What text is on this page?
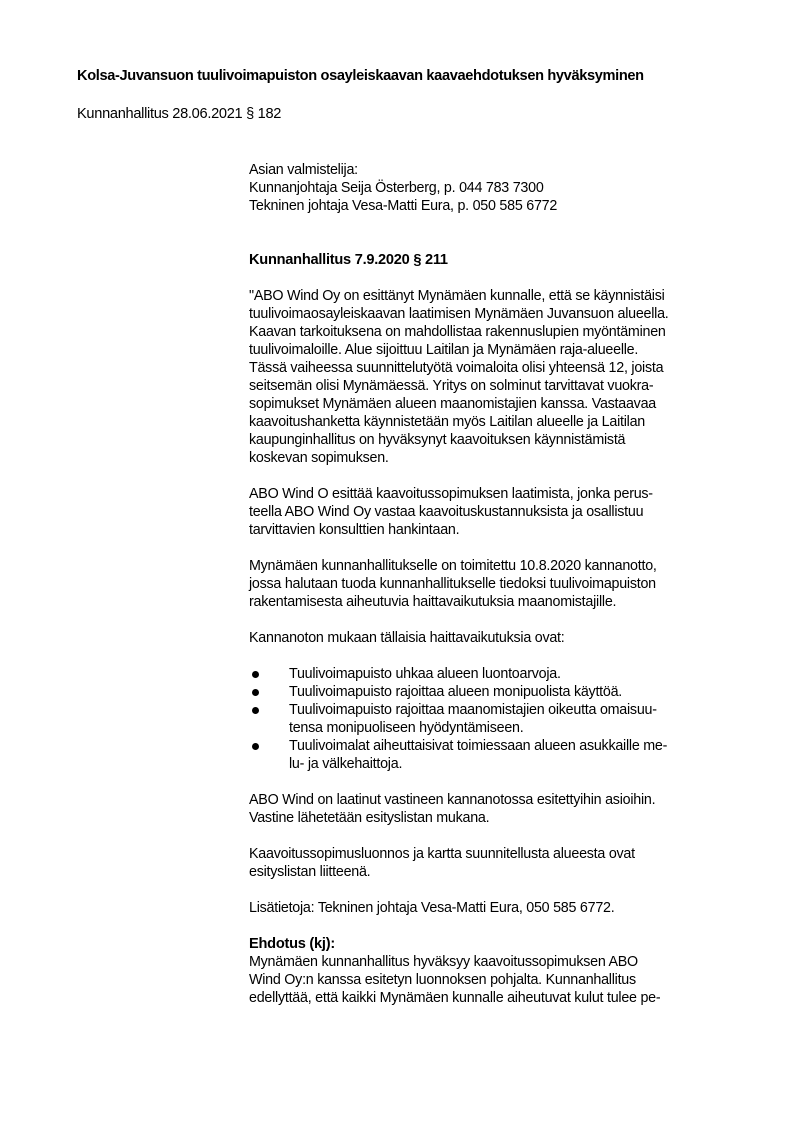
Kolsa-Juvansuon tuulivoimapuiston osayleiskaavan kaavaehdotuksen hyväksyminen
Kunnanhallitus 28.06.2021 § 182
Asian valmistelija:
Kunnanjohtaja Seija Österberg, p. 044 783 7300
Tekninen johtaja Vesa-Matti Eura, p. 050 585 6772
Kunnanhallitus 7.9.2020 § 211
"ABO Wind Oy on esittänyt Mynämäen kunnalle, että se käynnistäisi
tuulivoimaosayleiskaavan laatimisen Mynämäen Juvansuon alueella.
Kaavan tarkoituksena on mahdollistaa rakennuslupien myöntäminen
tuulivoimaloille. Alue sijoittuu Laitilan ja Mynämäen raja-alueelle.
Tässä vaiheessa suunnittelutyötä voimaloita olisi yhteensä 12, joista
seitsemän olisi Mynämäessä. Yritys on solminut tarvittavat vuokra-
sopimukset Mynämäen alueen maanomistajien kanssa. Vastaavaa
kaavoitushanketta käynnistetään myös Laitilan alueelle ja Laitilan
kaupunginhallitus on hyväksynyt kaavoituksen käynnistämistä
koskevan sopimuksen.
ABO Wind O esittää kaavoitussopimuksen laatimista, jonka perus-
teella ABO Wind Oy vastaa kaavoituskustannuksista ja osallistuu
tarvittavien konsulttien hankintaan.
Mynämäen kunnanhallitukselle on toimitettu 10.8.2020 kannanotto,
jossa halutaan tuoda kunnanhallitukselle tiedoksi tuulivoimapuiston
rakentamisesta aiheutuvia haittavaikutuksia maanomistajille.
Kannanoton mukaan tällaisia haittavaikutuksia ovat:
Tuulivoimapuisto uhkaa alueen luontoarvoja.
Tuulivoimapuisto rajoittaa alueen monipuolista käyttöä.
Tuulivoimapuisto rajoittaa maanomistajien oikeutta omaisuu-
tensa monipuoliseen hyödyntämiseen.
Tuulivoimalat aiheuttaisivat toimiessaan alueen asukkaille me-
lu- ja välkehaittoja.
ABO Wind on laatinut vastineen kannanotossa esitettyihin asioihin.
Vastine lähetetään esityslistan mukana.
Kaavoitussopimusluonnos ja kartta suunnitellusta alueesta ovat
esityslistan liitteenä.
Lisätietoja: Tekninen johtaja Vesa-Matti Eura, 050 585 6772.
Ehdotus (kj):
Mynämäen kunnanhallitus hyväksyy kaavoitussopimuksen ABO
Wind Oy:n kanssa esitetyn luonnoksen pohjalta. Kunnanhallitus
edellyttää, että kaikki Mynämäen kunnalle aiheutuvat kulut tulee pe-
